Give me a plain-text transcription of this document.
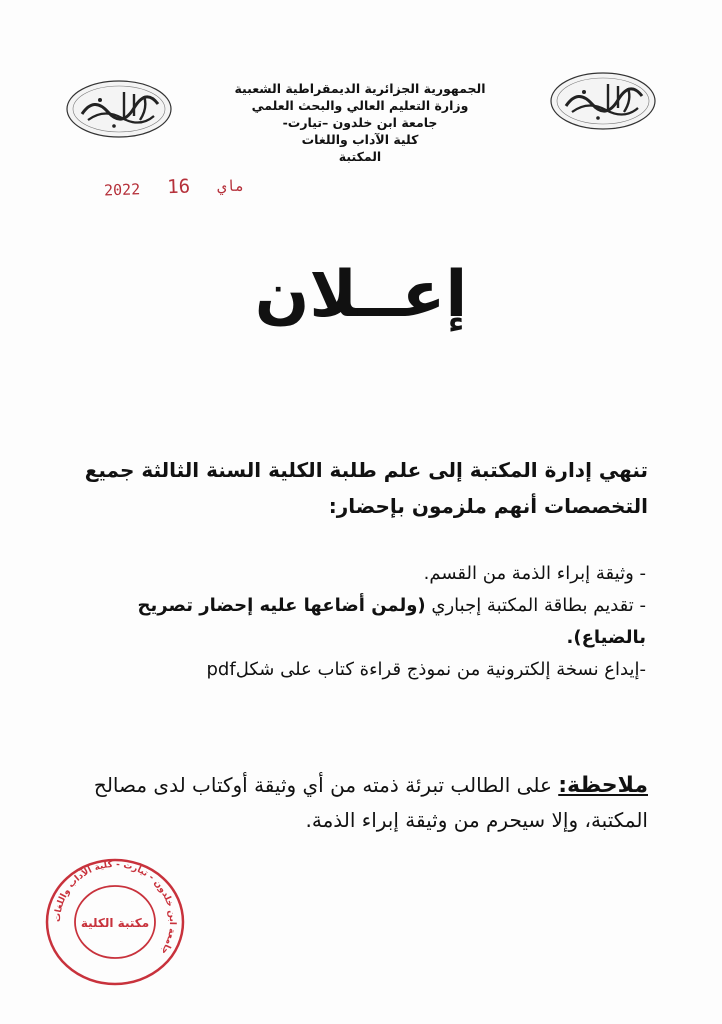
الجمهورية الجزائرية الديمقراطية الشعبية
وزارة التعليم العالي والبحث العلمي
جامعة ابن خلدون –تيارت-
كلية الآداب واللغات
المكتبة
2022	ماي   16
إعــلان
تنهي إدارة المكتبة إلى علم طلبة الكلية السنة الثالثة جميع التخصصات أنهم ملزمون بإحضار:

- وثيقة إبراء الذمة من القسم.

- تقديم بطاقة المكتبة إجباري (ولمن أضاعها عليه إحضار تصريح بالضياع).

-إيداع نسخة إلكترونية من نموذج قراءة كتاب على شكلpdf

ملاحظة: على الطالب تبرئة ذمته من أي وثيقة أوكتاب لدى مصالح المكتبة، وإلا سيحرم من وثيقة إبراء الذمة.
جامعة ابن خلدون - تيارت - كلية الآداب واللغات
مكتبة الكلية
